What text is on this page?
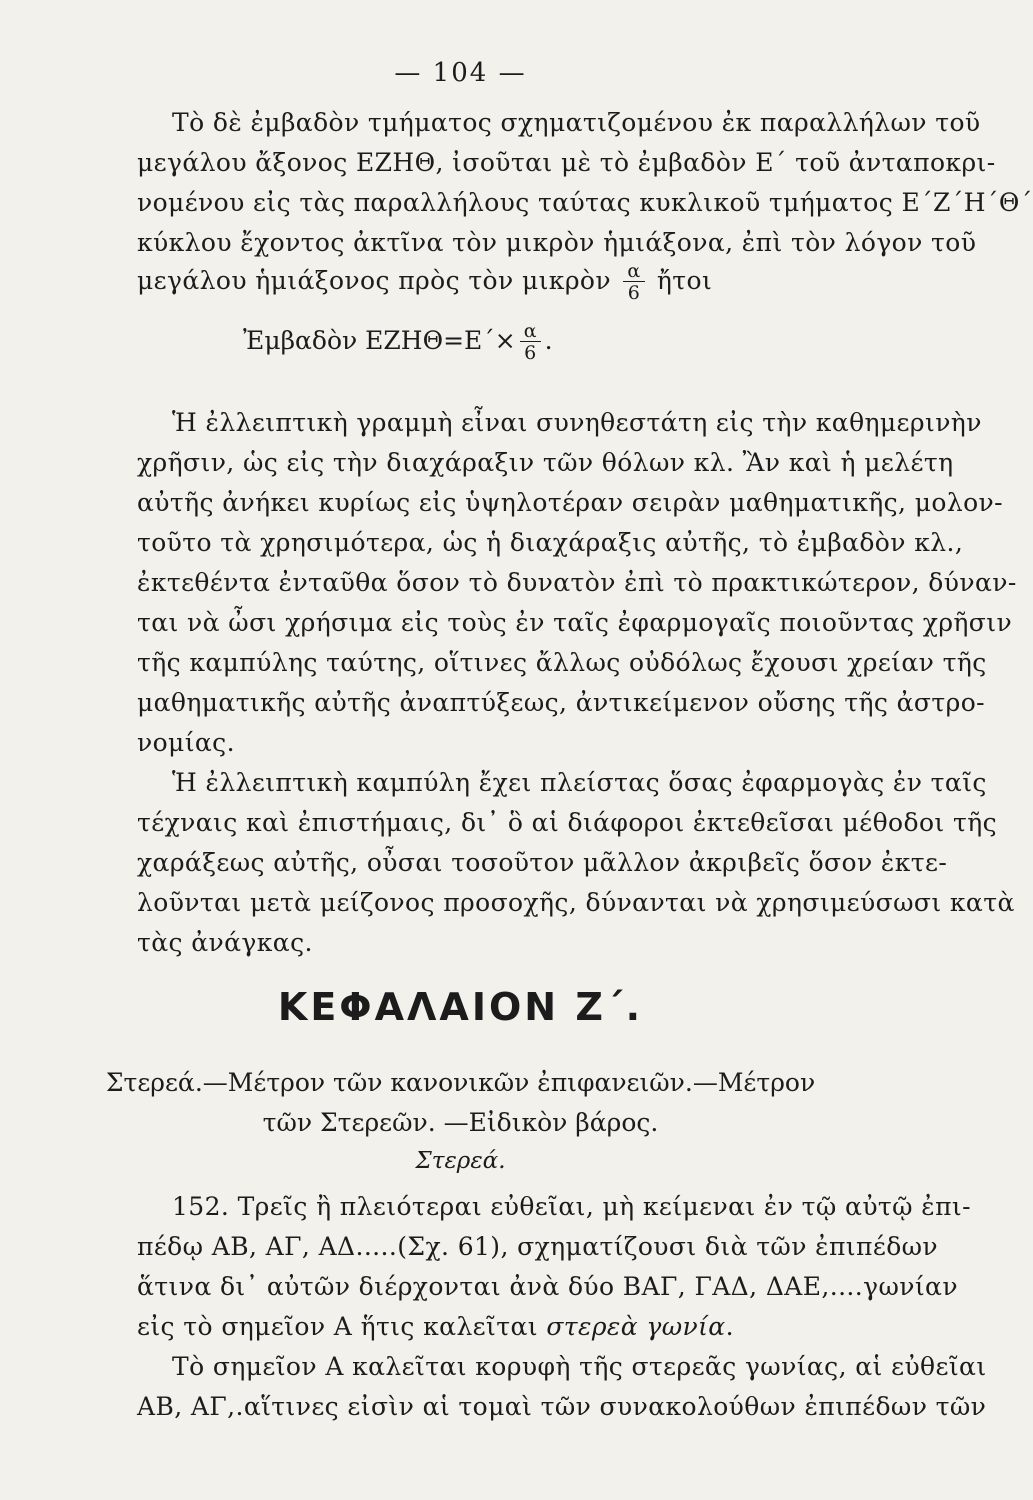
— 104 —
Τὸ δὲ ἐμβαδὸν τμήματος σχηματιζομένου ἐκ παραλλήλων τοῦ
μεγάλου ἄξονος ΕΖΗΘ, ἰσοῦται μὲ τὸ ἐμβαδὸν Ε΄ τοῦ ἀνταποκρι-
νομένου εἰς τὰς παραλλήλους ταύτας κυκλικοῦ τμήματος Ε΄Ζ΄Η΄Θ΄
κύκλου ἔχοντος ἀκτῖνα τὸν μικρὸν ἡμιάξονα, ἐπὶ τὸν λόγον τοῦ
μεγάλου ἡμιάξονος πρὸς τὸν μικρὸν $\frac{\alpha}{6}$ ἤτοι
Ἐμβαδὸν $EZH\Theta=E΄\times \frac{\alpha}{6}$ .
Ἡ ἐλλειπτικὴ γραμμὴ εἶναι συνηθεστάτη εἰς τὴν καθημερινὴν
χρῆσιν, ὡς εἰς τὴν διαχάραξιν τῶν θόλων κλ. Ἂν καὶ ἡ μελέτη
αὐτῆς ἀνήκει κυρίως εἰς ὑψηλοτέραν σειρὰν μαθηματικῆς, μολον-
τοῦτο τὰ χρησιμότερα, ὡς ἡ διαχάραξις αὐτῆς, τὸ ἐμβαδὸν κλ.,
ἐκτεθέντα ἐνταῦθα ὅσον τὸ δυνατὸν ἐπὶ τὸ πρακτικώτερον, δύναν-
ται νὰ ὦσι χρήσιμα εἰς τοὺς ἐν ταῖς ἐφαρμογαῖς ποιοῦντας χρῆσιν
τῆς καμπύλης ταύτης, οἵτινες ἄλλως οὐδόλως ἔχουσι χρείαν τῆς
μαθηματικῆς αὐτῆς ἀναπτύξεως, ἀντικείμενον οὔσης τῆς ἀστρο-
νομίας.
Ἡ ἐλλειπτικὴ καμπύλη ἔχει πλείστας ὅσας ἐφαρμογὰς ἐν ταῖς
τέχναις καὶ ἐπιστήμαις, δι᾽ ὃ αἱ διάφοροι ἐκτεθεῖσαι μέθοδοι τῆς
χαράξεως αὐτῆς, οὖσαι τοσοῦτον μᾶλλον ἀκριβεῖς ὅσον ἐκτε-
λοῦνται μετὰ μείζονος προσοχῆς, δύνανται νὰ χρησιμεύσωσι κατὰ
τὰς ἀνάγκας.
ΚΕΦΑΛΑΙΟΝ Ζ΄.
Στερεά.—Μέτρον τῶν κανονικῶν ἐπιφανειῶν.—Μέτρον
τῶν Στερεῶν. —Εἰδικὸν βάρος.
Στερεά.
152. Τρεῖς ἢ πλειότεραι εὐθεῖαι, μὴ κείμεναι ἐν τῷ αὐτῷ ἐπι-
πέδῳ ΑΒ, ΑΓ, ΑΔ.....(Σχ. 61), σχηματίζουσι διὰ τῶν ἐπιπέδων
ἅτινα δι᾽ αὐτῶν διέρχονται ἀνὰ δύο ΒΑΓ, ΓΑΔ, ΔΑΕ,....γωνίαν
εἰς τὸ σημεῖον Α ἥτις καλεῖται στερεὰ γωνία.
Τὸ σημεῖον Α καλεῖται κορυφὴ τῆς στερεᾶς γωνίας, αἱ εὐθεῖαι
ΑΒ, ΑΓ,.αἵτινες εἰσὶν αἱ τομαὶ τῶν συνακολούθων ἐπιπέδων τῶν
